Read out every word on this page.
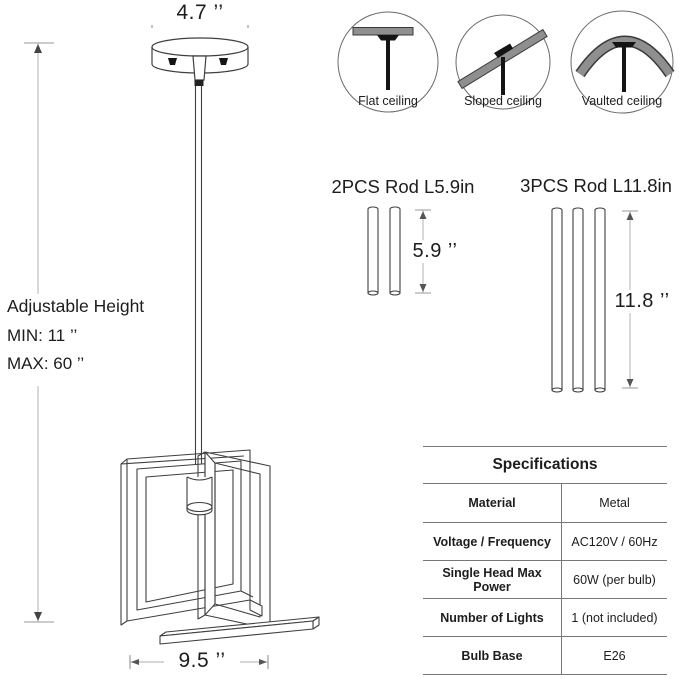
4.7 ’’
Adjustable Height
MIN: 11 ’’
MAX: 60 ’’
Flat ceiling	Sloped ceiling	Vaulted ceiling
2PCS Rod L5.9in
5.9 ’’
3PCS Rod L11.8in
11.8 ’’
9.5 ’’
Specifications
Material	Metal
Voltage / Frequency	AC120V / 60Hz
Single Head Max Power	60W (per bulb)
Number of Lights	1 (not included)
Bulb Base	E26
